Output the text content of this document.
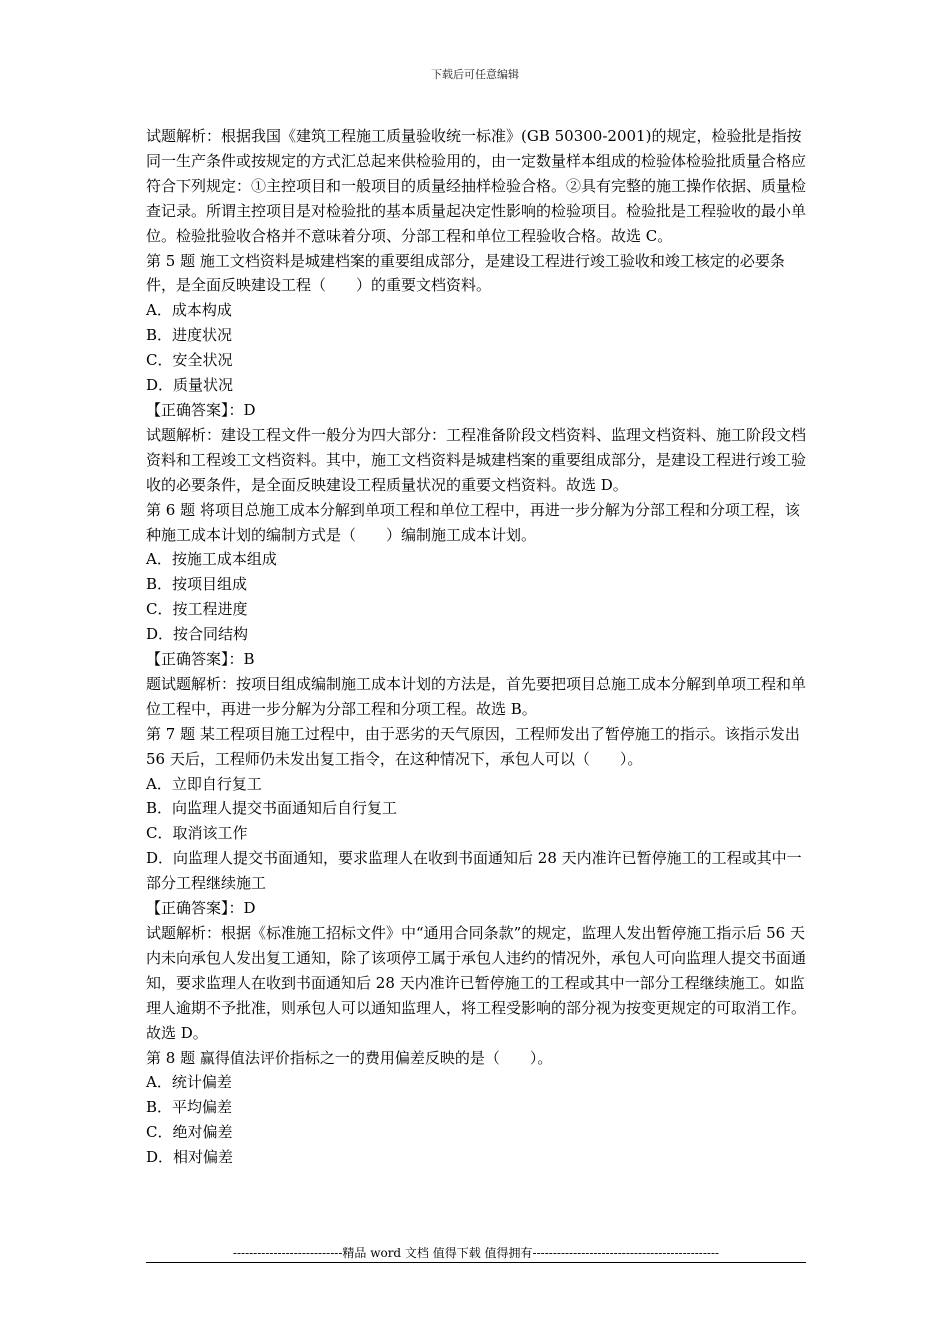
下载后可任意编辑

试题解析：根据我国《建筑工程施工质量验收统一标准》(GB 50300-2001)的规定，检验批是指按同一生产条件或按规定的方式汇总起来供检验用的，由一定数量样本组成的检验体检验批质量合格应符合下列规定：①主控项目和一般项目的质量经抽样检验合格。②具有完整的施工操作依据、质量检查记录。所谓主控项目是对检验批的基本质量起决定性影响的检验项目。检验批是工程验收的最小单位。检验批验收合格并不意味着分项、分部工程和单位工程验收合格。故选 C。

第 5 题 施工文档资料是城建档案的重要组成部分，是建设工程进行竣工验收和竣工核定的必要条件，是全面反映建设工程（　　）的重要文档资料。

A．成本构成

B．进度状况

C．安全状况

D．质量状况

【正确答案】：D

试题解析：建设工程文件一般分为四大部分：工程准备阶段文档资料、监理文档资料、施工阶段文档资料和工程竣工文档资料。其中，施工文档资料是城建档案的重要组成部分，是建设工程进行竣工验收的必要条件，是全面反映建设工程质量状况的重要文档资料。故选 D。

第 6 题 将项目总施工成本分解到单项工程和单位工程中，再进一步分解为分部工程和分项工程，该种施工成本计划的编制方式是（　　）编制施工成本计划。

A．按施工成本组成

B．按项目组成

C．按工程进度

D．按合同结构

【正确答案】：B

题试题解析：按项目组成编制施工成本计划的方法是，首先要把项目总施工成本分解到单项工程和单位工程中，再进一步分解为分部工程和分项工程。故选 B。

第 7 题 某工程项目施工过程中，由于恶劣的天气原因，工程师发出了暂停施工的指示。该指示发出 56 天后，工程师仍未发出复工指令，在这种情况下，承包人可以（　　）。

A．立即自行复工

B．向监理人提交书面通知后自行复工

C．取消该工作

D．向监理人提交书面通知，要求监理人在收到书面通知后 28 天内准许已暂停施工的工程或其中一部分工程继续施工

【正确答案】：D

试题解析：根据《标准施工招标文件》中“通用合同条款”的规定，监理人发出暂停施工指示后 56 天内未向承包人发出复工通知，除了该项停工属于承包人违约的情况外，承包人可向监理人提交书面通知，要求监理人在收到书面通知后 28 天内准许已暂停施工的工程或其中一部分工程继续施工。如监理人逾期不予批准，则承包人可以通知监理人，将工程受影响的部分视为按变更规定的可取消工作。故选 D。

第 8 题 赢得值法评价指标之一的费用偏差反映的是（　　）。

A．统计偏差

B．平均偏差

C．绝对偏差

D．相对偏差

---------------------------精品 word 文档 值得下载 值得拥有----------------------------------------------
